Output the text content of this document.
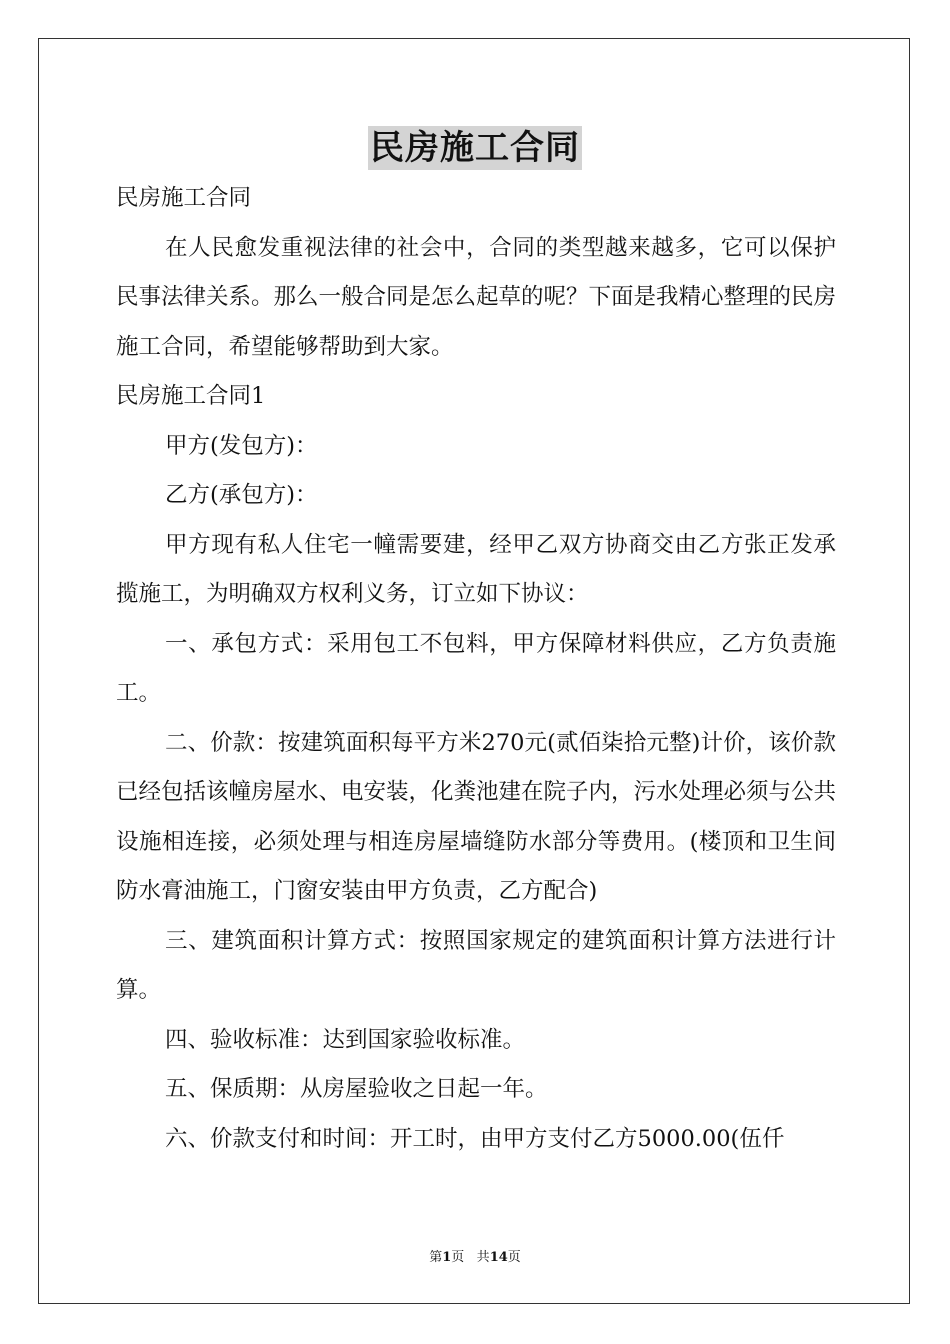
民房施工合同

民房施工合同

在人民愈发重视法律的社会中，合同的类型越来越多，它可以保护民事法律关系。那么一般合同是怎么起草的呢？下面是我精心整理的民房施工合同，希望能够帮助到大家。

民房施工合同1

甲方(发包方)：

乙方(承包方)：

甲方现有私人住宅一幢需要建，经甲乙双方协商交由乙方张正发承揽施工，为明确双方权利义务，订立如下协议：

一、承包方式：采用包工不包料，甲方保障材料供应，乙方负责施工。

二、价款：按建筑面积每平方米270元(贰佰柒拾元整)计价，该价款已经包括该幢房屋水、电安装，化粪池建在院子内，污水处理必须与公共设施相连接，必须处理与相连房屋墙缝防水部分等费用。(楼顶和卫生间防水膏油施工，门窗安装由甲方负责，乙方配合)

三、建筑面积计算方式：按照国家规定的建筑面积计算方法进行计算。

四、验收标准：达到国家验收标准。

五、保质期：从房屋验收之日起一年。

六、价款支付和时间：开工时，由甲方支付乙方5000.00(伍仟

第1页 共14页
